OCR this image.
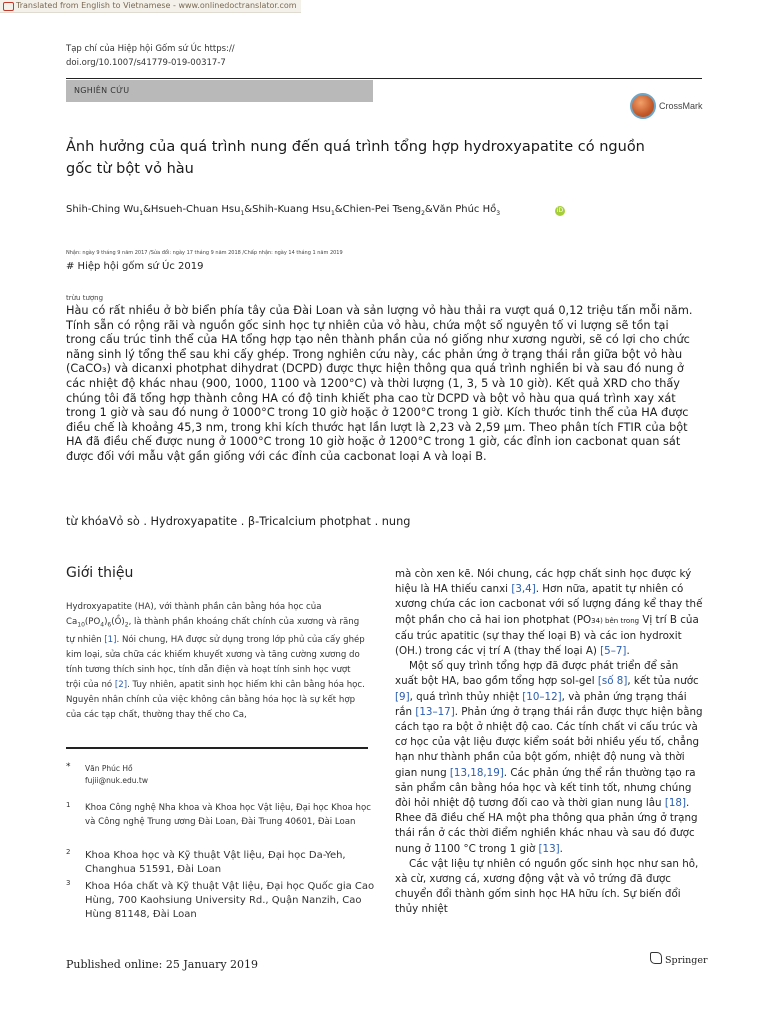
Translated from English to Vietnamese - www.onlinedoctranslator.com
Tạp chí của Hiệp hội Gốm sứ Úc https://
doi.org/10.1007/s41779-019-00317-7
NGHIÊN CỨU
CrossMark
Ảnh hưởng của quá trình nung đến quá trình tổng hợp hydroxyapatite có nguồn gốc từ bột vỏ hàu
Shih-Ching $Wu_1\&Hsueh$-Chuan Hsu$_1$&Shih-Kuang Hsu$_1$&Chien-Pei Tseng$_2$&Văn Phúc Hồ$_3$	iD
Nhận: ngày 9 tháng 9 năm 2017 /Sửa đổi: ngày 17 tháng 9 năm 2018 /Chấp nhận: ngày 14 tháng 1 năm 2019
# Hiệp hội gốm sứ Úc 2019
trừu tượng
Hàu có rất nhiều ở bờ biển phía tây của Đài Loan và sản lượng vỏ hàu thải ra vượt quá 0,12 triệu tấn mỗi năm. Tính sẵn có rộng rãi và nguồn gốc sinh học tự nhiên của vỏ hàu, chứa một số nguyên tố vi lượng sẽ tồn tại trong cấu trúc tinh thể của HA tổng hợp tạo nên thành phần của nó giống như xương người, sẽ có lợi cho chức năng sinh lý tổng thể sau khi cấy ghép. Trong nghiên cứu này, các phản ứng ở trạng thái rắn giữa bột vỏ hàu (CaCO₃) và dicanxi photphat dihydrat (DCPD) được thực hiện thông qua quá trình nghiền bi và sau đó nung ở các nhiệt độ khác nhau (900, 1000, 1100 và 1200°C) và thời lượng (1, 3, 5 và 10 giờ). Kết quả XRD cho thấy chúng tôi đã tổng hợp thành công HA có độ tinh khiết pha cao từ DCPD và bột vỏ hàu qua quá trình xay xát trong 1 giờ và sau đó nung ở 1000°C trong 10 giờ hoặc ở 1200°C trong 1 giờ. Kích thước tinh thể của HA được điều chế là khoảng 45,3 nm, trong khi kích thước hạt lần lượt là 2,23 và 2,59 μm. Theo phân tích FTIR của bột HA đã điều chế được nung ở 1000°C trong 10 giờ hoặc ở 1200°C trong 1 giờ, các đỉnh ion cacbonat quan sát được đối với mẫu vật gần giống với các đỉnh của cacbonat loại A và loại B.
từ khóaVỏ sò . Hydroxyapatite . β-Tricalcium photphat . nung
Giới thiệu
Hydroxyapatite (HA), với thành phần cân bằng hóa học của $Ca_{10}(PO_4)_6(Ồ)_2$, là thành phần khoáng chất chính của xương và răng tự nhiên [1]. Nói chung, HA được sử dụng trong lớp phủ của cấy ghép kim loại, sửa chữa các khiếm khuyết xương và tăng cường xương do tính tương thích sinh học, tính dẫn điện và hoạt tính sinh học vượt trội của nó [2]. Tuy nhiên, apatit sinh học hiếm khi cân bằng hóa học. Nguyên nhân chính của việc không cân bằng hóa học là sự kết hợp của các tạp chất, thường thay thế cho Ca,
* Văn Phúc Hồ
fujii@nuk.edu.tw
1 Khoa Công nghệ Nha khoa và Khoa học Vật liệu, Đại học Khoa học và Công nghệ Trung ương Đài Loan, Đài Trung 40601, Đài Loan
2 Khoa Khoa học và Kỹ thuật Vật liệu, Đại học Da-Yeh, Changhua 51591, Đài Loan
3 Khoa Hóa chất và Kỹ thuật Vật liệu, Đại học Quốc gia Cao Hùng, 700 Kaohsiung University Rd., Quận Nanzih, Cao Hùng 81148, Đài Loan

mà còn xen kẽ. Nói chung, các hợp chất sinh học được ký hiệu là HA thiếu canxi [3,4]. Hơn nữa, apatit tự nhiên có xương chứa các ion cacbonat với số lượng đáng kể thay thế một phần cho cả hai ion photphat (PO34) bên trong Vị trí B của cấu trúc apatitic (sự thay thế loại B) và các ion hydroxit (OH.) trong các vị trí A (thay thế loại A) [5–7].

Một số quy trình tổng hợp đã được phát triển để sản xuất bột HA, bao gồm tổng hợp sol-gel [số 8], kết tủa nước [9], quá trình thủy nhiệt [10–12], và phản ứng trạng thái rắn [13–17]. Phản ứng ở trạng thái rắn được thực hiện bằng cách tạo ra bột ở nhiệt độ cao. Các tính chất vi cấu trúc và cơ học của vật liệu được kiểm soát bởi nhiều yếu tố, chẳng hạn như thành phần của bột gốm, nhiệt độ nung và thời gian nung [13,18,19]. Các phản ứng thể rắn thường tạo ra sản phẩm cân bằng hóa học và kết tinh tốt, nhưng chúng đòi hỏi nhiệt độ tương đối cao và thời gian nung lâu [18]. Rhee đã điều chế HA một pha thông qua phản ứng ở trạng thái rắn ở các thời điểm nghiền khác nhau và sau đó được nung ở 1100 °C trong 1 giờ [13].

Các vật liệu tự nhiên có nguồn gốc sinh học như san hô, xà cừ, xương cá, xương động vật và vỏ trứng đã được chuyển đổi thành gốm sinh học HA hữu ích. Sự biến đổi thủy nhiệt

Published online: 25 January 2019	Springer
